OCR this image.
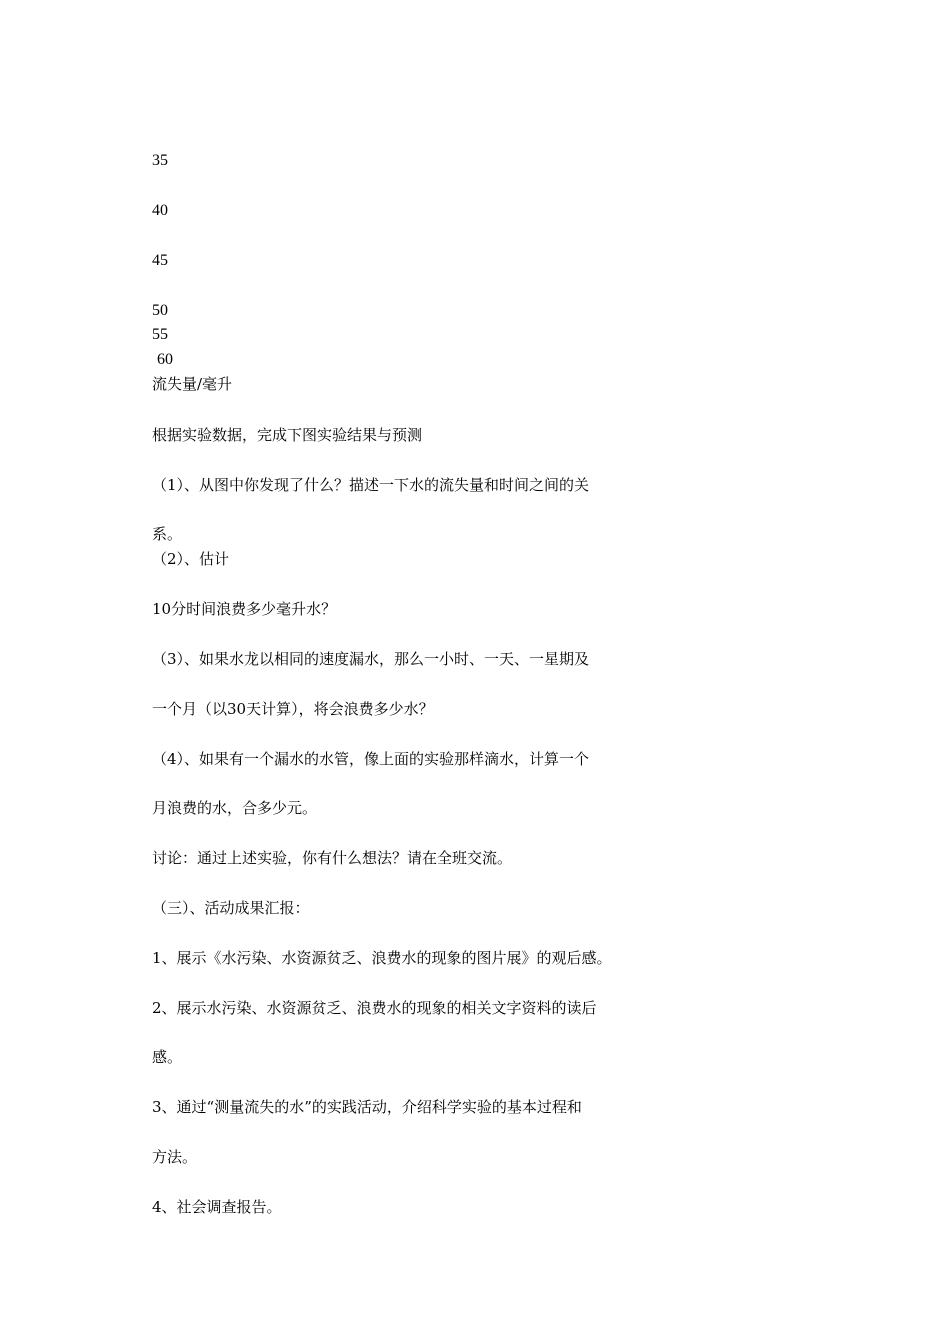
35
40
45
50
55
60
流失量/毫升
根据实验数据，完成下图实验结果与预测
（1）、从图中你发现了什么？描述一下水的流失量和时间之间的关
系。
（2）、估计
10分时间浪费多少毫升水？
（3）、如果水龙以相同的速度漏水，那么一小时、一天、一星期及
一个月（以30天计算），将会浪费多少水？
（4）、如果有一个漏水的水管，像上面的实验那样滴水，计算一个
月浪费的水，合多少元。
讨论：通过上述实验，你有什么想法？请在全班交流。
（三）、活动成果汇报：
1、展示《水污染、水资源贫乏、浪费水的现象的图片展》的观后感。
2、展示水污染、水资源贫乏、浪费水的现象的相关文字资料的读后
感。
3、通过“测量流失的水”的实践活动，介绍科学实验的基本过程和
方法。
4、社会调查报告。
